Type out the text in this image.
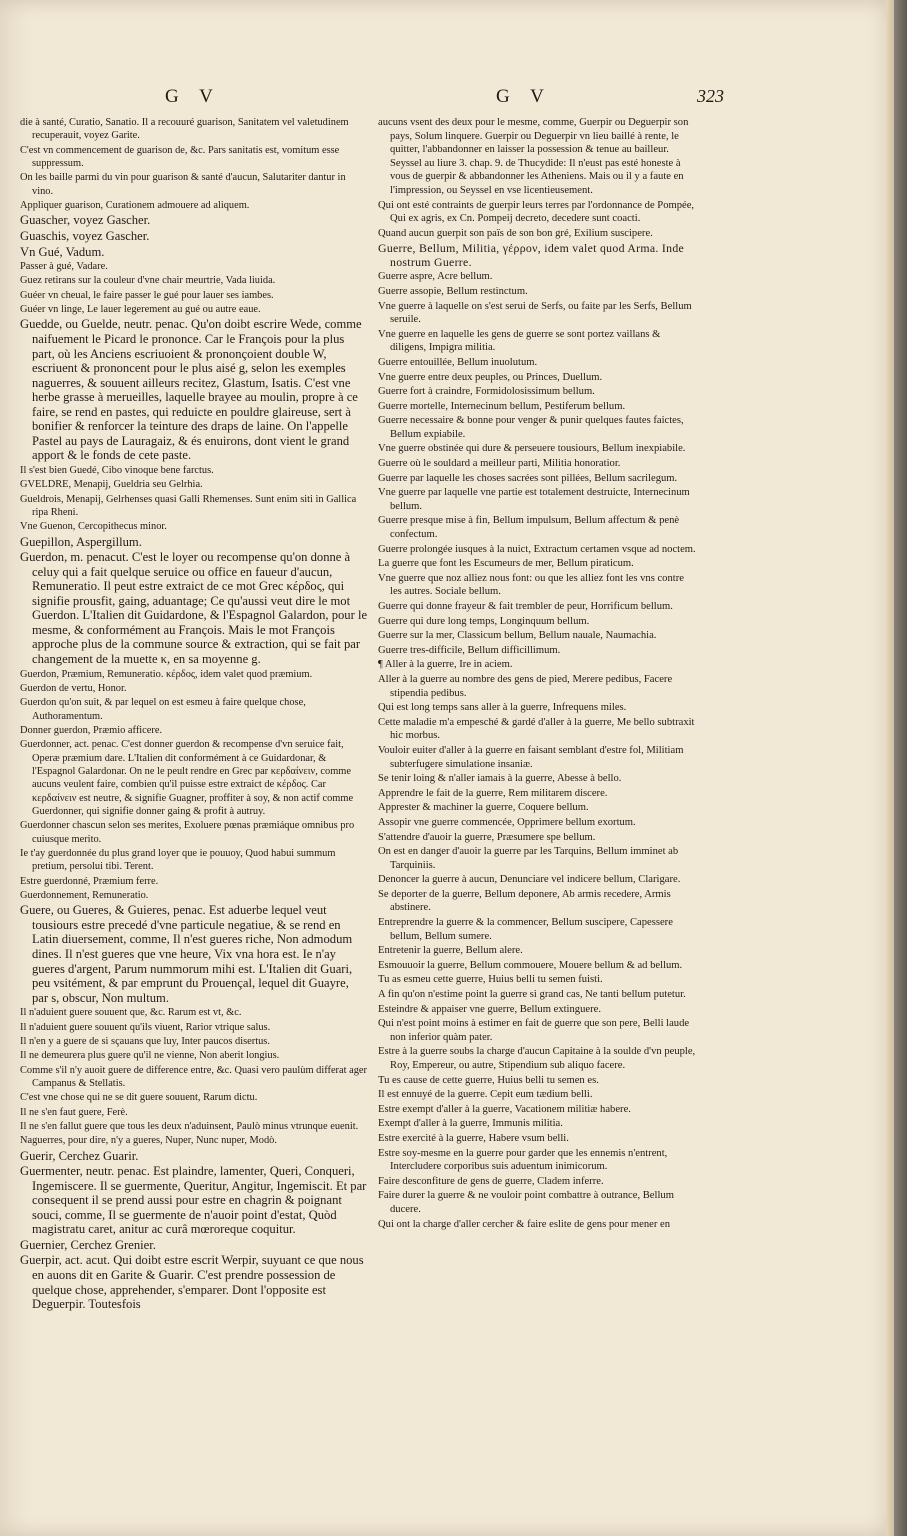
G V	G V	323
die à santé, Curatio, Sanatio. Il a recouuré guarison, Sanitatem vel valetudinem recuperauit, voyez Garite.
C'est vn commencement de guarison de, &c. Pars sanitatis est, vomitum esse suppressum.
On les baille parmi du vin pour guarison & santé d'aucun, Salutariter dantur in vino.
Appliquer guarison, Curationem admouere ad aliquem.
Guascher, voyez Gascher.
Guaschis, voyez Gascher.
Vn Gué, Vadum.
Passer à gué, Vadare.
Guez retirans sur la couleur d'vne chair meurtrie, Vada liuida.
Guéer vn cheual, le faire passer le gué pour lauer ses iambes.
Guéer vn linge, Le lauer legerement au gué ou autre eaue.
Guedde, ou Guelde, neutr. penac. Qu'on doibt escrire Wede, comme naifuement le Picard le prononce. Car le François pour la plus part, où les Anciens escriuoient & prononçoient double W, escriuent & prononcent pour le plus aisé g, selon les exemples naguerres, & souuent ailleurs recitez, Glastum, Isatis. C'est vne herbe grasse à merueilles, laquelle brayee au moulin, propre à ce faire, se rend en pastes, qui reduicte en pouldre glaireuse, sert à bonifier & renforcer la teinture des draps de laine. On l'appelle Pastel au pays de Lauragaiz, & és enuirons, dont vient le grand apport & le fonds de cete paste.
Il s'est bien Guedé, Cibo vinoque bene farctus.
GVELDRE, Menapij, Gueldria seu Gelrhia.
Gueldrois, Menapij, Gelrhenses quasi Galli Rhemenses. Sunt enim siti in Gallica ripa Rheni.
Vne Guenon, Cercopithecus minor.
Guepillon, Aspergillum.
Guerdon, m. penacut. C'est le loyer ou recompense qu'on donne à celuy qui a fait quelque seruice ou office en faueur d'aucun, Remuneratio. Il peut estre extraict de ce mot Grec κέρδος, qui signifie prousfit, gaing, aduantage; Ce qu'aussi veut dire le mot Guerdon. L'Italien dit Guidardone, & l'Espagnol Galardon, pour le mesme, & conformément au François. Mais le mot François approche plus de la commune source & extraction, qui se fait par changement de la muette κ, en sa moyenne g.
Guerdon, Præmium, Remuneratio. κέρδος, idem valet quod præmium.
Guerdon de vertu, Honor.
Guerdon qu'on suit, & par lequel on est esmeu à faire quelque chose, Authoramentum.
Donner guerdon, Præmio afficere.
Guerdonner, act. penac. C'est donner guerdon & recompense d'vn seruice fait, Operæ præmium dare. L'Italien dit conformément à ce Guidardonar, & l'Espagnol Galardonar. On ne le peult rendre en Grec par κερδαίνειν, comme aucuns veulent faire, combien qu'il puisse estre extraict de κέρδος. Car κερδαίνειν est neutre, & signifie Guagner, proffiter à soy, & non actif comme Guerdonner, qui signifie donner gaing & profit à autruy.
Guerdonner chascun selon ses merites, Exoluere pœnas præmiáque omnibus pro cuiusque merito.
Ie t'ay guerdonnée du plus grand loyer que ie pouuoy, Quod habui summum pretium, persolui tibi. Terent.
Estre guerdonné, Præmium ferre.
Guerdonnement, Remuneratio.
Guere, ou Gueres, & Guieres, penac. Est aduerbe lequel veut tousiours estre precedé d'vne particule negatiue, & se rend en Latin diuersement, comme, Il n'est gueres riche, Non admodum dines. Il n'est gueres que vne heure, Vix vna hora est. Ie n'ay gueres d'argent, Parum nummorum mihi est. L'Italien dit Guari, peu vsitément, & par emprunt du Prouençal, lequel dit Guayre, par s, obscur, Non multum.
Il n'aduient guere souuent que, &c. Rarum est vt, &c.
Il n'aduient guere souuent qu'ils viuent, Rarior vtrique salus.
Il n'en y a guere de si sçauans que luy, Inter paucos disertus.
Il ne demeurera plus guere qu'il ne vienne, Non aberit longius.
Comme s'il n'y auoit guere de difference entre, &c. Quasi vero paulùm differat ager Campanus & Stellatis.
C'est vne chose qui ne se dit guere souuent, Rarum dictu.
Il ne s'en faut guere, Ferè.
Il ne s'en fallut guere que tous les deux n'aduinsent, Paulò minus vtrunque euenit.
Naguerres, pour dire, n'y a gueres, Nuper, Nunc nuper, Modò.
Guerir, Cerchez Guarir.
Guermenter, neutr. penac. Est plaindre, lamenter, Queri, Conqueri, Ingemiscere. Il se guermente, Queritur, Angitur, Ingemiscit. Et par consequent il se prend aussi pour estre en chagrin & poignant souci, comme, Il se guermente de n'auoir point d'estat, Quòd magistratu caret, anitur ac curâ mœroreque coquitur.
Guernier, Cerchez Grenier.
Guerpir, act. acut. Qui doibt estre escrit Werpir, suyuant ce que nous en auons dit en Garite & Guarir. C'est prendre possession de quelque chose, apprehender, s'emparer. Dont l'opposite est Deguerpir. Toutesfois
aucuns vsent des deux pour le mesme, comme, Guerpir ou Deguerpir son pays, Solum linquere. Guerpir ou Deguerpir vn lieu baillé à rente, le quitter, l'abbandonner en laisser la possession & tenue au bailleur. Seyssel au liure 3. chap. 9. de Thucydide: Il n'eust pas esté honeste à vous de guerpir & abbandonner les Atheniens. Mais ou il y a faute en l'impression, ou Seyssel en vse licentieusement.
Qui ont esté contraints de guerpir leurs terres par l'ordonnance de Pompée, Qui ex agris, ex Cn. Pompeij decreto, decedere sunt coacti.
Quand aucun guerpit son païs de son bon gré, Exilium suscipere.
Guerre, Bellum, Militia, γέρρον, idem valet quod Arma. Inde nostrum Guerre.
Guerre aspre, Acre bellum.
Guerre assopie, Bellum restinctum.
Vne guerre à laquelle on s'est serui de Serfs, ou faite par les Serfs, Bellum seruile.
Vne guerre en laquelle les gens de guerre se sont portez vaillans & diligens, Impigra militia.
Guerre entouillée, Bellum inuolutum.
Vne guerre entre deux peuples, ou Princes, Duellum.
Guerre fort à craindre, Formidolosissimum bellum.
Guerre mortelle, Internecinum bellum, Pestiferum bellum.
Guerre necessaire & bonne pour venger & punir quelques fautes faictes, Bellum expiabile.
Vne guerre obstinée qui dure & perseuere tousiours, Bellum inexpiabile.
Guerre où le souldard a meilleur parti, Militia honoratior.
Guerre par laquelle les choses sacrées sont pillées, Bellum sacrilegum.
Vne guerre par laquelle vne partie est totalement destruicte, Internecinum bellum.
Guerre presque mise à fin, Bellum impulsum, Bellum affectum & penè confectum.
Guerre prolongée iusques à la nuict, Extractum certamen vsque ad noctem.
La guerre que font les Escumeurs de mer, Bellum piraticum.
Vne guerre que noz alliez nous font: ou que les alliez font les vns contre les autres. Sociale bellum.
Guerre qui donne frayeur & fait trembler de peur, Horrificum bellum.
Guerre qui dure long temps, Longinquum bellum.
Guerre sur la mer, Classicum bellum, Bellum nauale, Naumachia.
Guerre tres-difficile, Bellum difficillimum.
¶ Aller à la guerre, Ire in aciem.
Aller à la guerre au nombre des gens de pied, Merere pedibus, Facere stipendia pedibus.
Qui est long temps sans aller à la guerre, Infrequens miles.
Cette maladie m'a empesché & gardé d'aller à la guerre, Me bello subtraxit hic morbus.
Vouloir euiter d'aller à la guerre en faisant semblant d'estre fol, Militiam subterfugere simulatione insaniæ.
Se tenir loing & n'aller iamais à la guerre, Abesse à bello.
Apprendre le fait de la guerre, Rem militarem discere.
Apprester & machiner la guerre, Coquere bellum.
Assopir vne guerre commencée, Opprimere bellum exortum.
S'attendre d'auoir la guerre, Præsumere spe bellum.
On est en danger d'auoir la guerre par les Tarquins, Bellum imminet ab Tarquiniis.
Denoncer la guerre à aucun, Denunciare vel indicere bellum, Clarigare.
Se deporter de la guerre, Bellum deponere, Ab armis recedere, Armis abstinere.
Entreprendre la guerre & la commencer, Bellum suscipere, Capessere bellum, Bellum sumere.
Entretenir la guerre, Bellum alere.
Esmouuoir la guerre, Bellum commouere, Mouere bellum & ad bellum.
Tu as esmeu cette guerre, Huius belli tu semen fuisti.
A fin qu'on n'estime point la guerre si grand cas, Ne tanti bellum putetur.
Esteindre & appaiser vne guerre, Bellum extinguere.
Qui n'est point moins à estimer en fait de guerre que son pere, Belli laude non inferior quàm pater.
Estre à la guerre soubs la charge d'aucun Capitaine à la soulde d'vn peuple, Roy, Empereur, ou autre, Stipendium sub aliquo facere.
Tu es cause de cette guerre, Huius belli tu semen es.
Il est ennuyé de la guerre. Cepit eum tædium belli.
Estre exempt d'aller à la guerre, Vacationem militiæ habere.
Exempt d'aller à la guerre, Immunis militia.
Estre exercité à la guerre, Habere vsum belli.
Estre soy-mesme en la guerre pour garder que les ennemis n'entrent, Intercludere corporibus suis aduentum inimicorum.
Faire desconfiture de gens de guerre, Cladem inferre.
Faire durer la guerre & ne vouloir point combattre à outrance, Bellum ducere.
Qui ont la charge d'aller cercher & faire eslite de gens pour mener en
